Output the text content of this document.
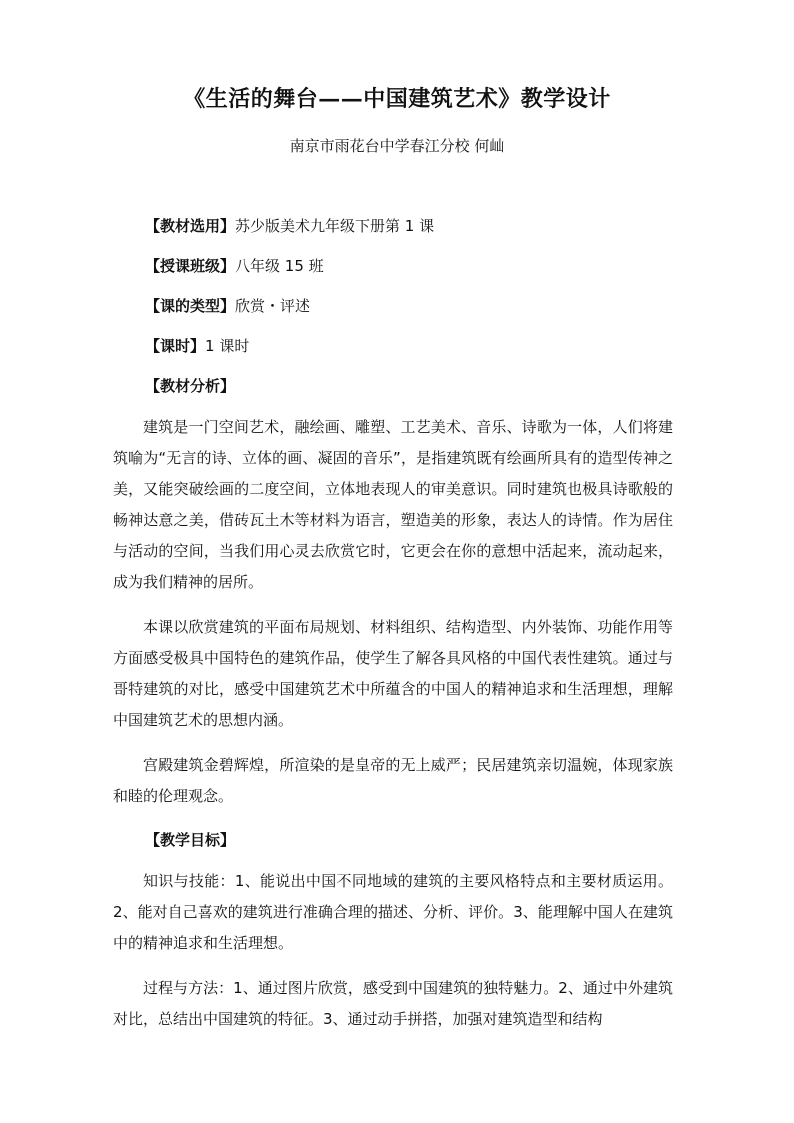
《生活的舞台——中国建筑艺术》教学设计
南京市雨花台中学春江分校 何屾
【教材选用】苏少版美术九年级下册第 1 课
【授课班级】八年级 15 班
【课的类型】欣赏・评述
【课时】1 课时
【教材分析】

建筑是一门空间艺术，融绘画、雕塑、工艺美术、音乐、诗歌为一体，人们将建筑喻为“无言的诗、立体的画、凝固的音乐”，是指建筑既有绘画所具有的造型传神之美，又能突破绘画的二度空间，立体地表现人的审美意识。同时建筑也极具诗歌般的畅神达意之美，借砖瓦土木等材料为语言，塑造美的形象，表达人的诗情。作为居住与活动的空间，当我们用心灵去欣赏它时，它更会在你的意想中活起来，流动起来，成为我们精神的居所。

本课以欣赏建筑的平面布局规划、材料组织、结构造型、内外装饰、功能作用等方面感受极具中国特色的建筑作品，使学生了解各具风格的中国代表性建筑。通过与哥特建筑的对比，感受中国建筑艺术中所蕴含的中国人的精神追求和生活理想，理解中国建筑艺术的思想内涵。

宫殿建筑金碧辉煌，所渲染的是皇帝的无上威严；民居建筑亲切温婉，体现家族和睦的伦理观念。

【教学目标】

知识与技能：1、能说出中国不同地域的建筑的主要风格特点和主要材质运用。2、能对自己喜欢的建筑进行准确合理的描述、分析、评价。3、能理解中国人在建筑中的精神追求和生活理想。

过程与方法：1、通过图片欣赏，感受到中国建筑的独特魅力。2、通过中外建筑对比，总结出中国建筑的特征。3、通过动手拼搭，加强对建筑造型和结构
